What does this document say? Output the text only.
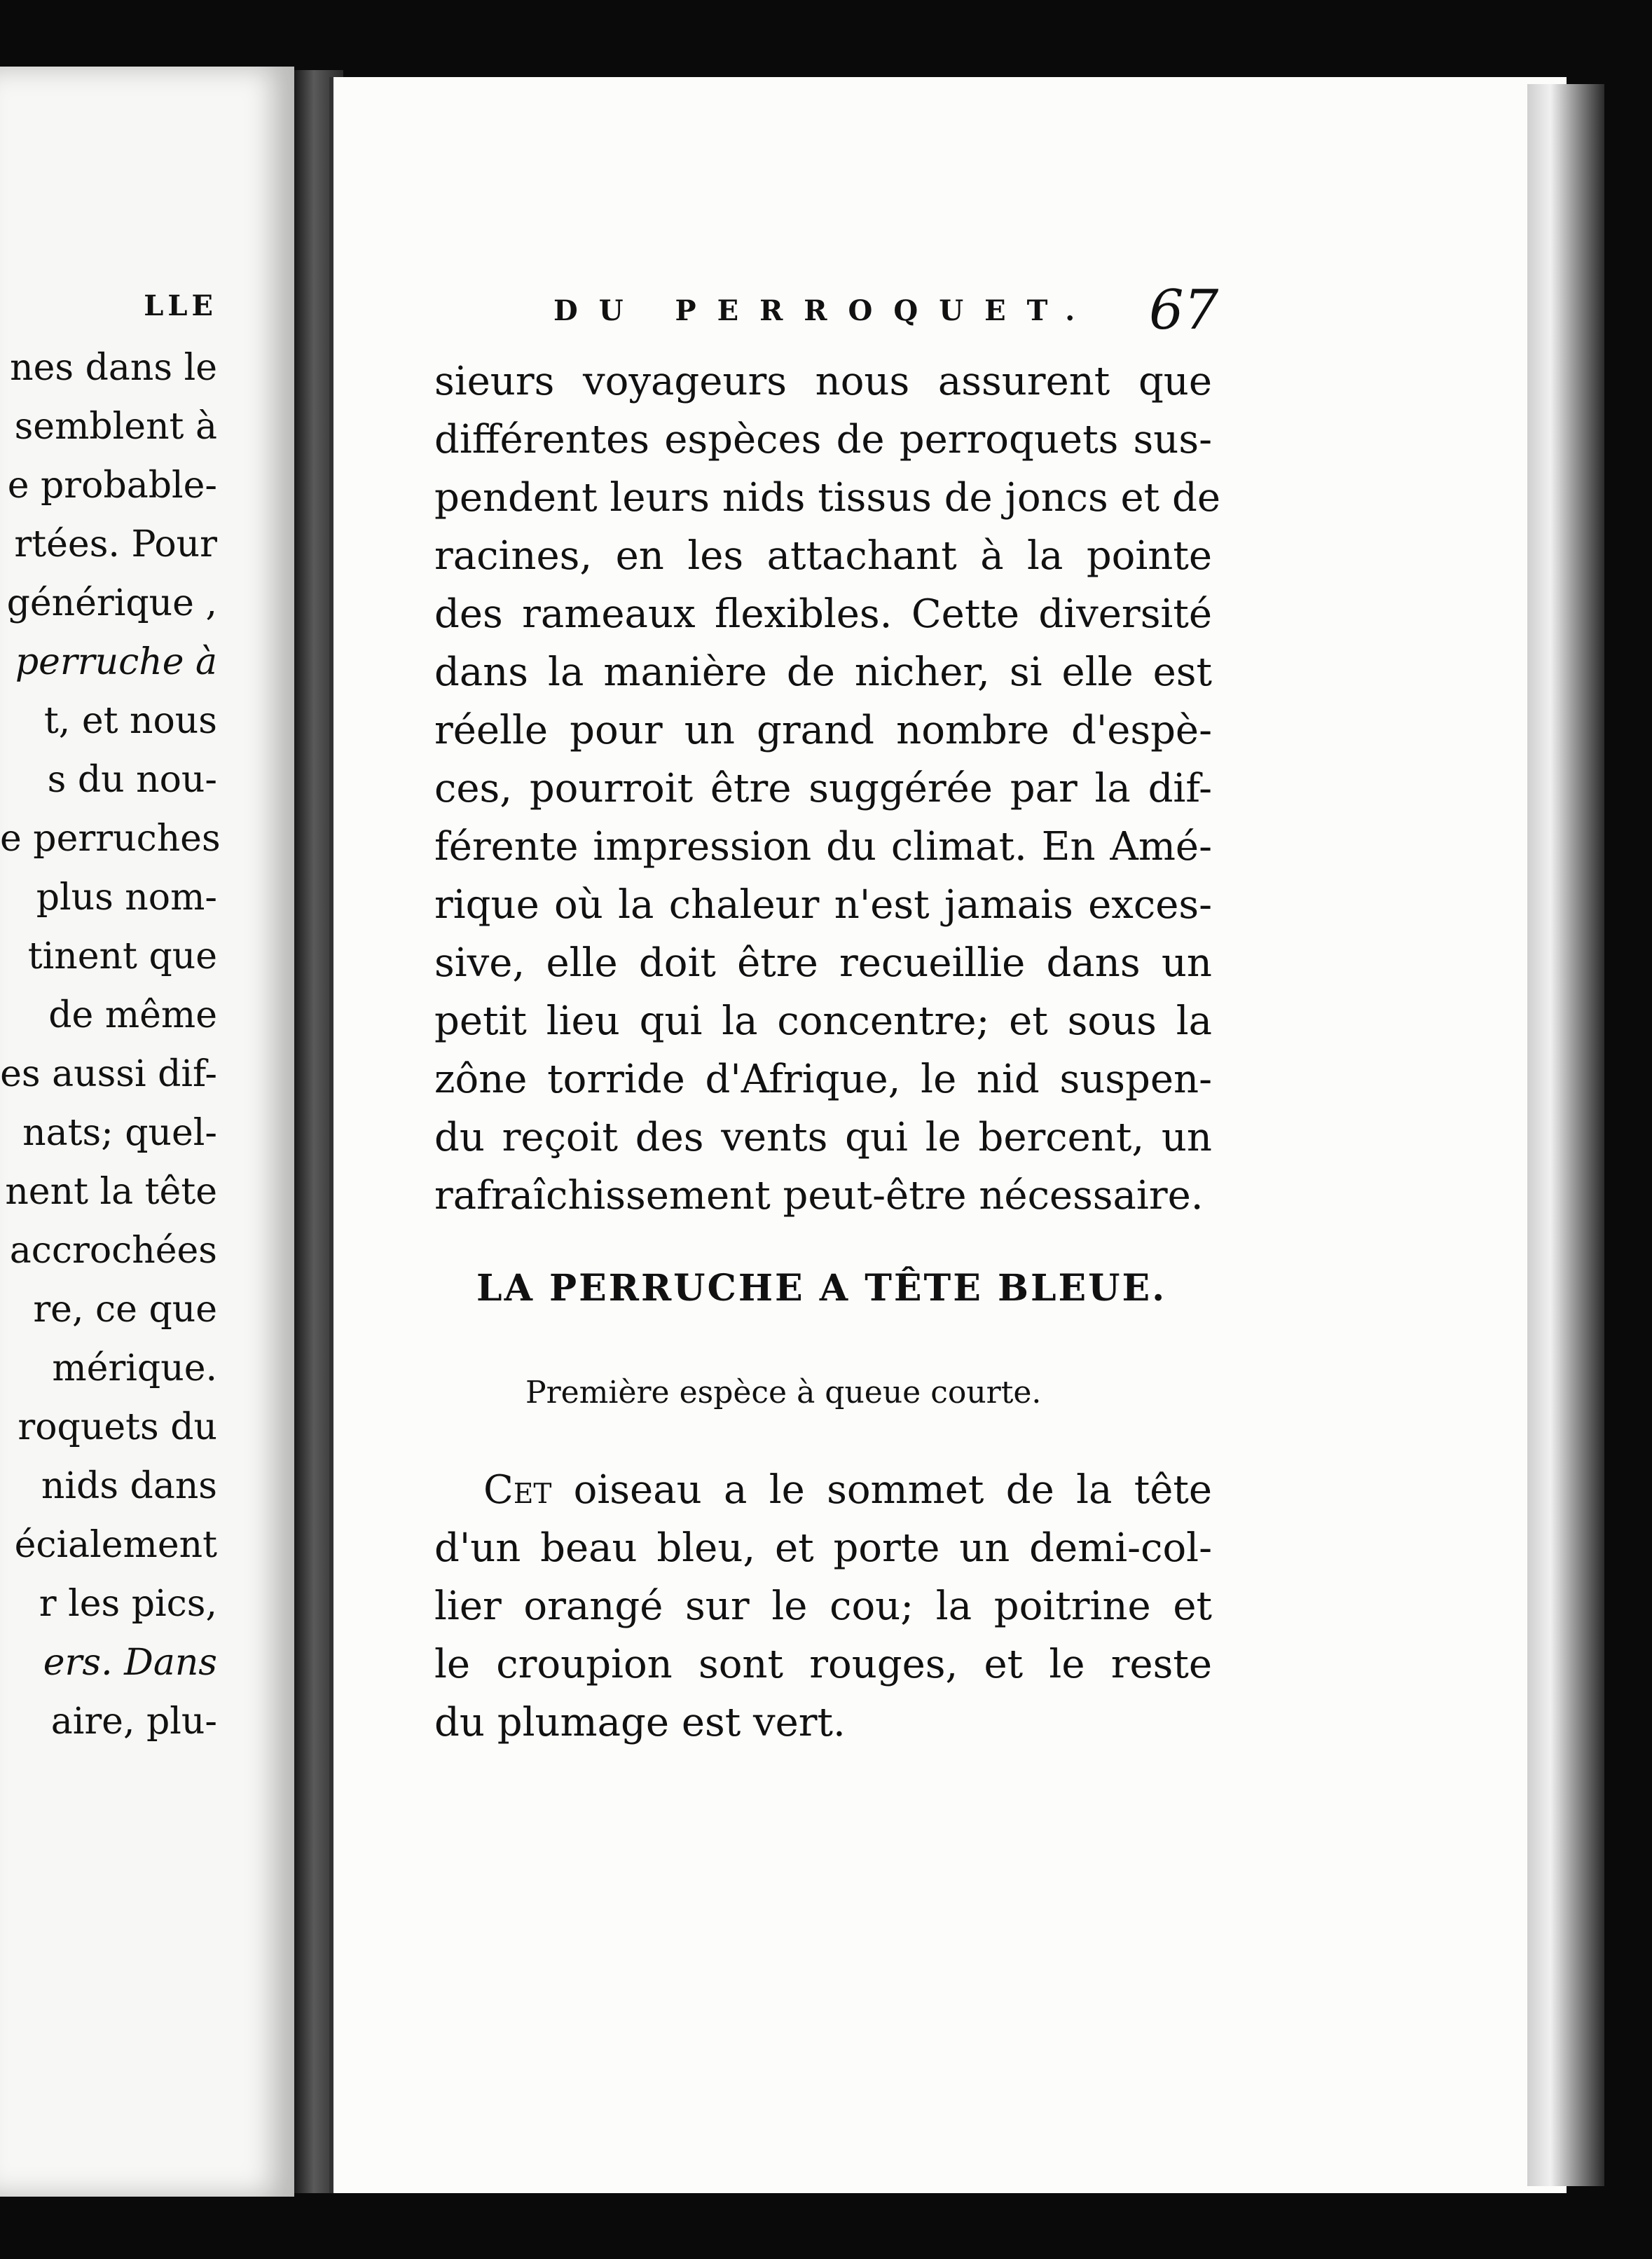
LLE
nes dans le
semblent à
e probable-
rtées. Pour
générique ,
perruche à
t, et nous
s du nou-
e perruches
plus nom-
tinent que
de même
es aussi dif-
nats; quel-
nent la tête
accrochées
re, ce que
mérique.
roquets du
nids dans
écialement
r les pics,
ers. Dans
aire, plu-
DU PERROQUET. 67
sieurs voyageurs nous assurent que
différentes espèces de perroquets sus-
pendent leurs nids tissus de joncs et de
racines, en les attachant à la pointe
des rameaux flexibles. Cette diversité
dans la manière de nicher, si elle est
réelle pour un grand nombre d'espè-
ces, pourroit être suggérée par la dif-
férente impression du climat. En Amé-
rique où la chaleur n'est jamais exces-
sive, elle doit être recueillie dans un
petit lieu qui la concentre; et sous la
zône torride d'Afrique, le nid suspen-
du reçoit des vents qui le bercent, un
rafraîchissement peut-être nécessaire.
LA PERRUCHE A TÊTE BLEUE.
Première espèce à queue courte.
Cet oiseau a le sommet de la tête
d'un beau bleu, et porte un demi-col-
lier orangé sur le cou; la poitrine et
le croupion sont rouges, et le reste
du plumage est vert.
